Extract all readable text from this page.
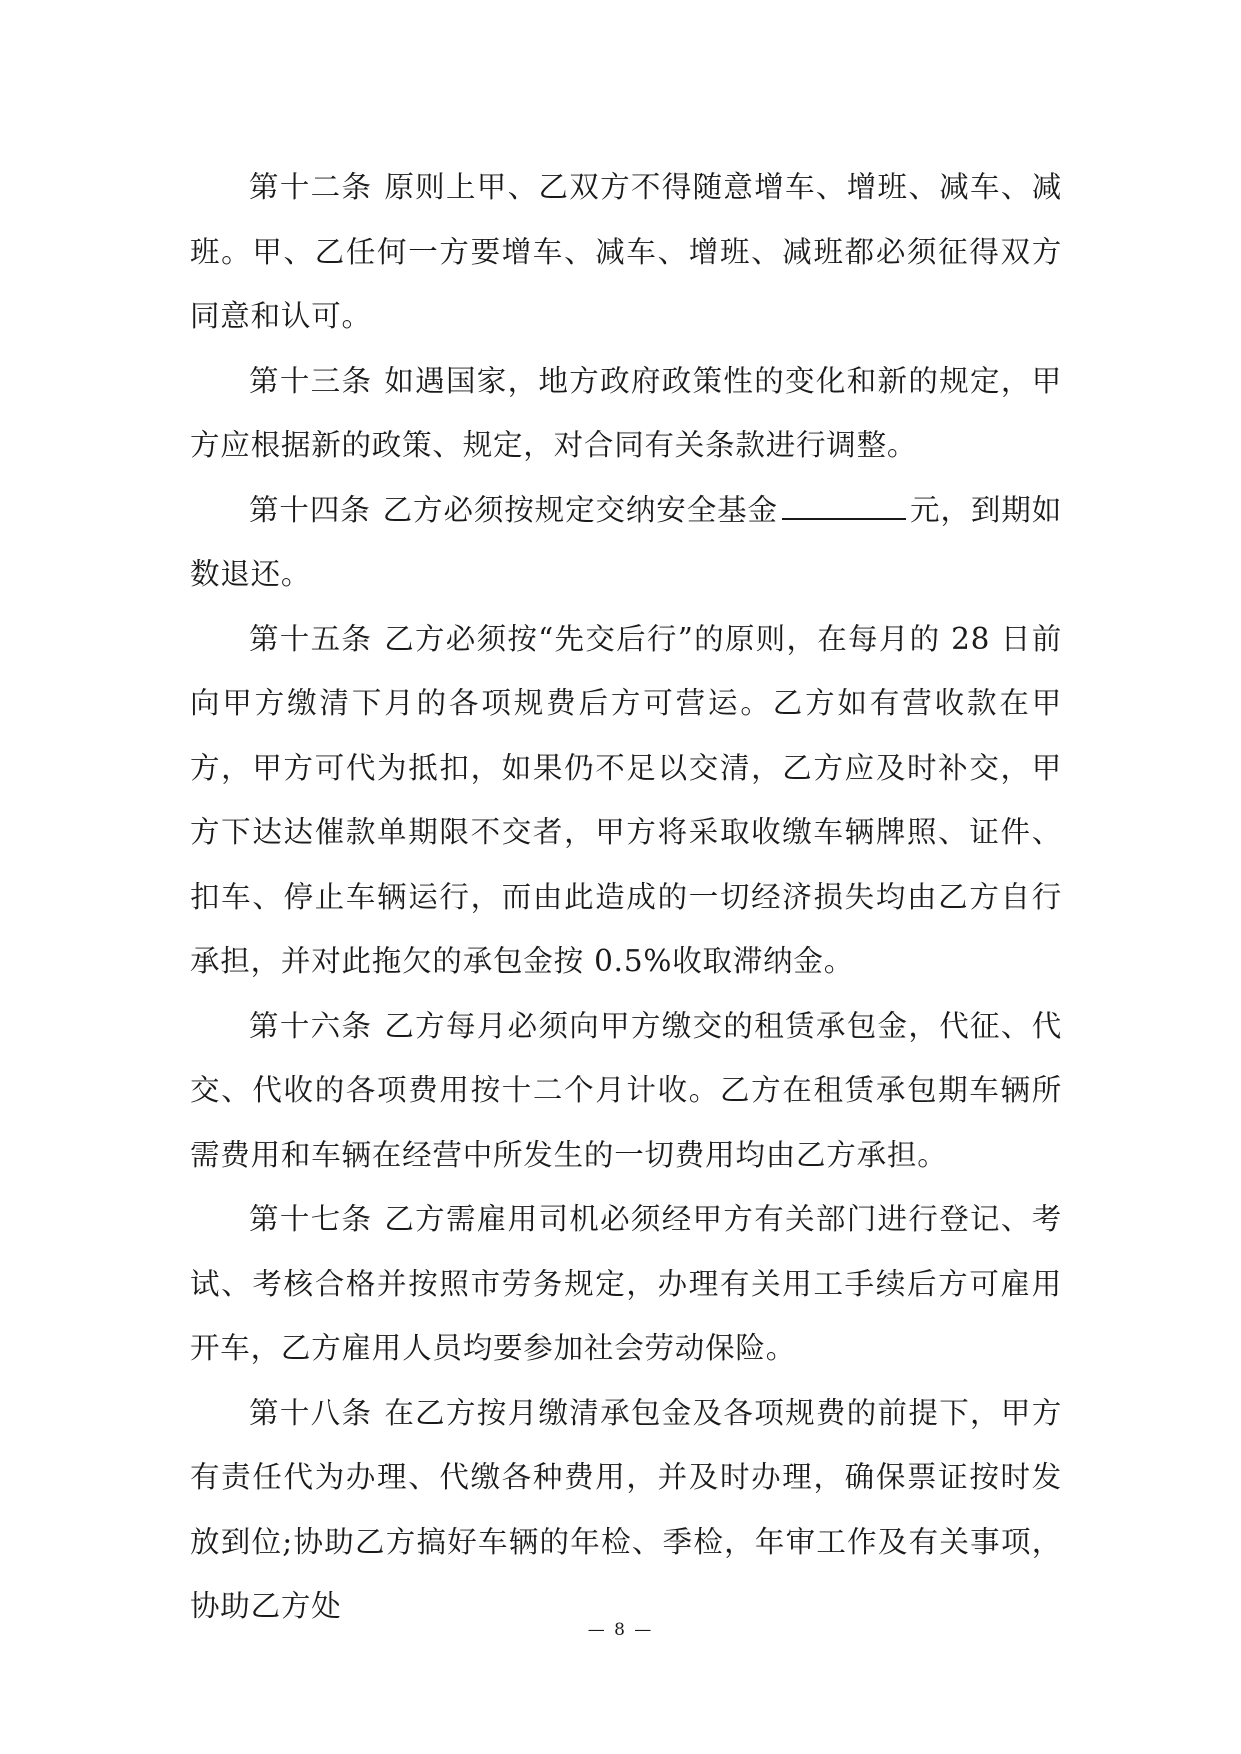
第十二条 原则上甲、乙双方不得随意增车、增班、减车、减班。甲、乙任何一方要增车、减车、增班、减班都必须征得双方同意和认可。

第十三条 如遇国家，地方政府政策性的变化和新的规定，甲方应根据新的政策、规定，对合同有关条款进行调整。

第十四条 乙方必须按规定交纳安全基金	元，到期如数退还。

第十五条 乙方必须按“先交后行”的原则，在每月的 28 日前向甲方缴清下月的各项规费后方可营运。乙方如有营收款在甲方，甲方可代为抵扣，如果仍不足以交清，乙方应及时补交，甲方下达达催款单期限不交者，甲方将采取收缴车辆牌照、证件、扣车、停止车辆运行，而由此造成的一切经济损失均由乙方自行承担，并对此拖欠的承包金按 0.5%收取滞纳金。

第十六条 乙方每月必须向甲方缴交的租赁承包金，代征、代交、代收的各项费用按十二个月计收。乙方在租赁承包期车辆所需费用和车辆在经营中所发生的一切费用均由乙方承担。

第十七条 乙方需雇用司机必须经甲方有关部门进行登记、考试、考核合格并按照市劳务规定，办理有关用工手续后方可雇用开车，乙方雇用人员均要参加社会劳动保险。

第十八条 在乙方按月缴清承包金及各项规费的前提下，甲方有责任代为办理、代缴各种费用，并及时办理，确保票证按时发放到位;协助乙方搞好车辆的年检、季检，年审工作及有关事项，协助乙方处

— 8 —
